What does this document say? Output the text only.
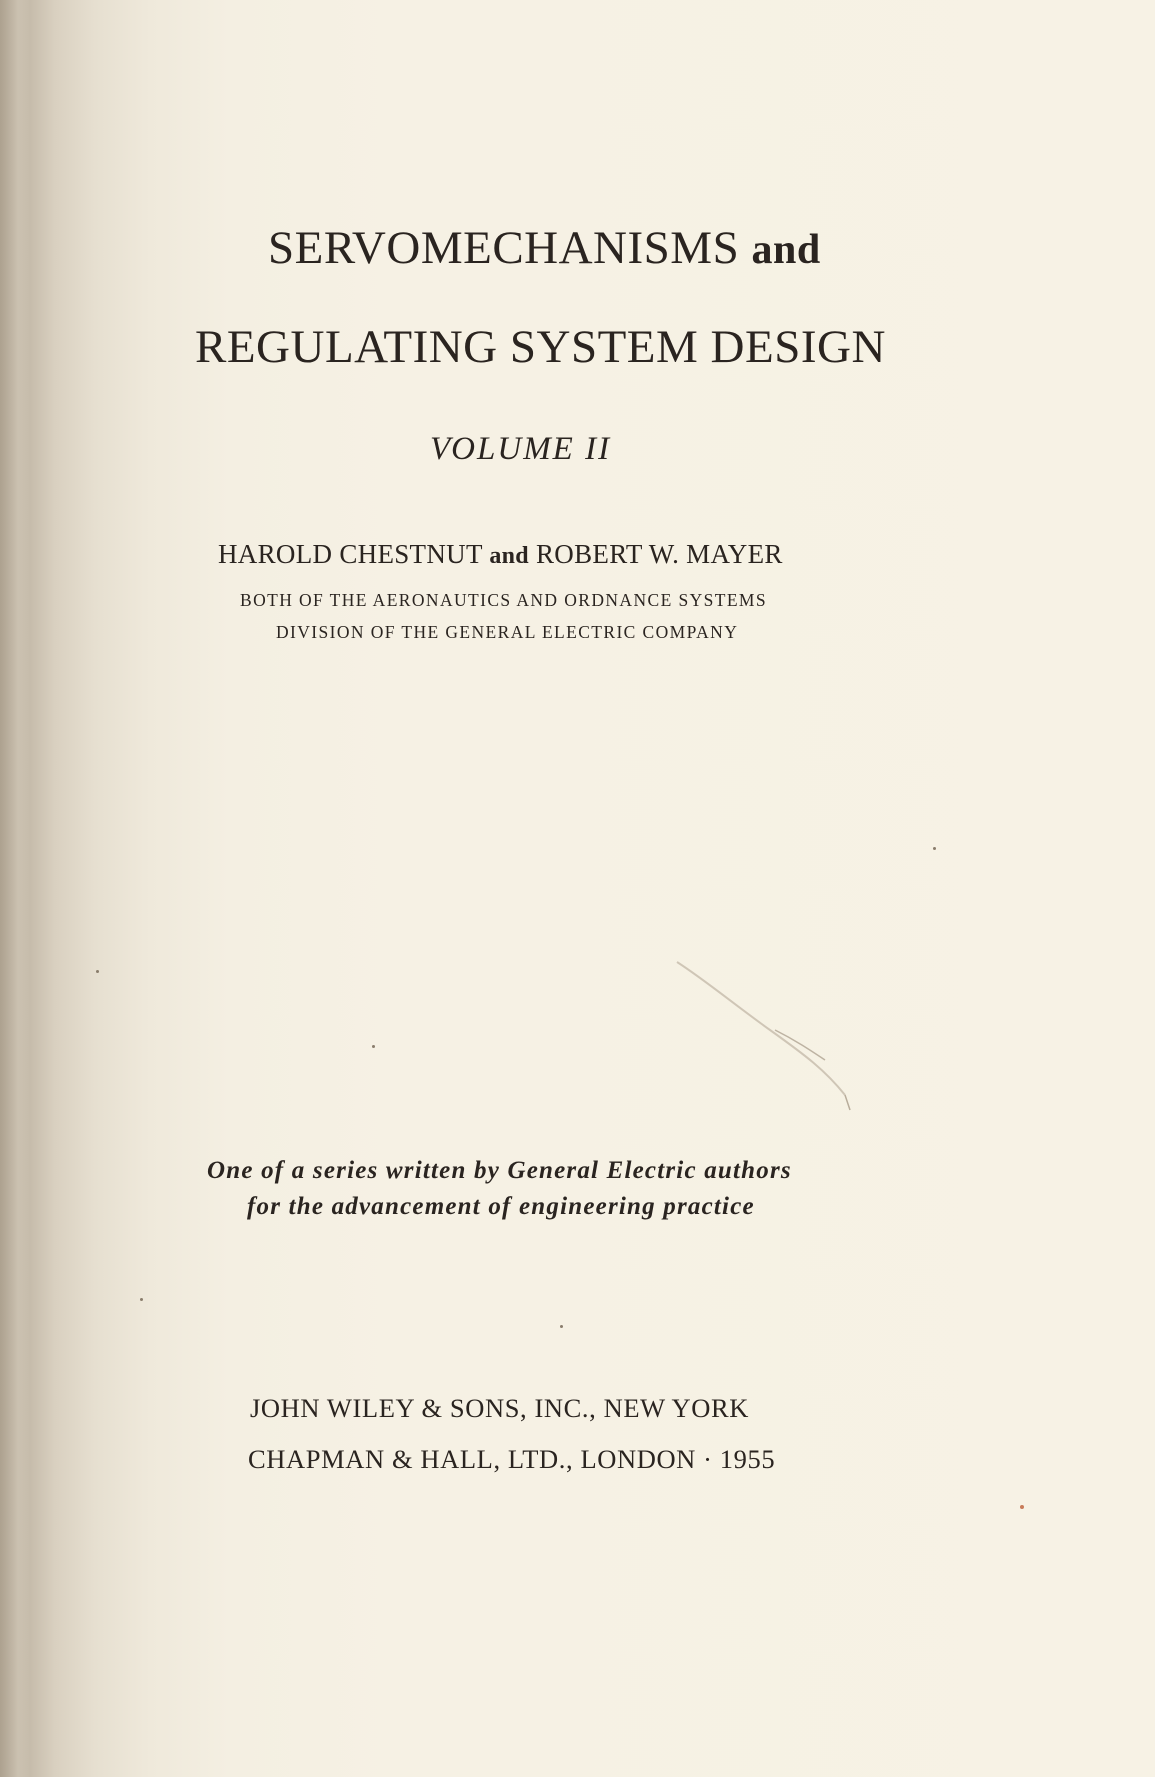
SERVOMECHANISMS and
REGULATING SYSTEM DESIGN
VOLUME II
HAROLD CHESTNUT and ROBERT W. MAYER
BOTH OF THE AERONAUTICS AND ORDNANCE SYSTEMS
DIVISION OF THE GENERAL ELECTRIC COMPANY
One of a series written by General Electric authors
for the advancement of engineering practice
JOHN WILEY & SONS, INC., NEW YORK
CHAPMAN & HALL, LTD., LONDON · 1955
